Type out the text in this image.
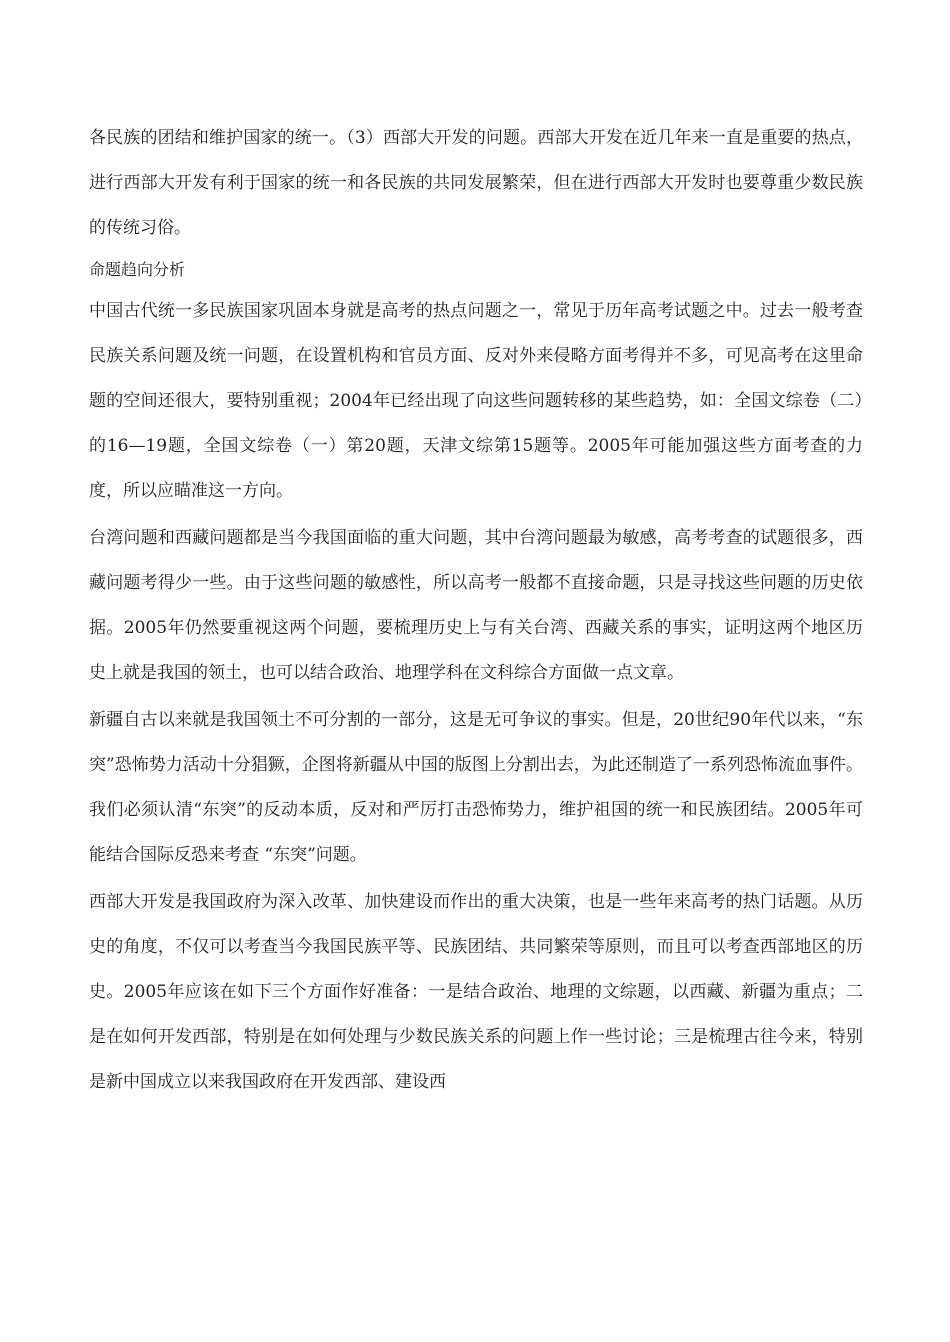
各民族的团结和维护国家的统一。（3）西部大开发的问题。西部大开发在近几年来一直是重要的热点，进行西部大开发有利于国家的统一和各民族的共同发展繁荣，但在进行西部大开发时也要尊重少数民族的传统习俗。

命题趋向分析

中国古代统一多民族国家巩固本身就是高考的热点问题之一，常见于历年高考试题之中。过去一般考查民族关系问题及统一问题，在设置机构和官员方面、反对外来侵略方面考得并不多，可见高考在这里命题的空间还很大，要特别重视；2004年已经出现了向这些问题转移的某些趋势，如：全国文综卷（二）的16—19题，全国文综卷（一）第20题，天津文综第15题等。2005年可能加强这些方面考查的力度，所以应瞄准这一方向。

台湾问题和西藏问题都是当今我国面临的重大问题，其中台湾问题最为敏感，高考考查的试题很多，西藏问题考得少一些。由于这些问题的敏感性，所以高考一般都不直接命题，只是寻找这些问题的历史依据。2005年仍然要重视这两个问题，要梳理历史上与有关台湾、西藏关系的事实，证明这两个地区历史上就是我国的领土，也可以结合政治、地理学科在文科综合方面做一点文章。

新疆自古以来就是我国领土不可分割的一部分，这是无可争议的事实。但是，20世纪90年代以来，“东突”恐怖势力活动十分猖獗，企图将新疆从中国的版图上分割出去，为此还制造了一系列恐怖流血事件。我们必须认清“东突”的反动本质，反对和严厉打击恐怖势力，维护祖国的统一和民族团结。2005年可能结合国际反恐来考查 “东突”问题。

西部大开发是我国政府为深入改革、加快建设而作出的重大决策，也是一些年来高考的热门话题。从历史的角度，不仅可以考查当今我国民族平等、民族团结、共同繁荣等原则，而且可以考查西部地区的历史。2005年应该在如下三个方面作好准备：一是结合政治、地理的文综题，以西藏、新疆为重点；二是在如何开发西部，特别是在如何处理与少数民族关系的问题上作一些讨论；三是梳理古往今来，特别是新中国成立以来我国政府在开发西部、建设西
